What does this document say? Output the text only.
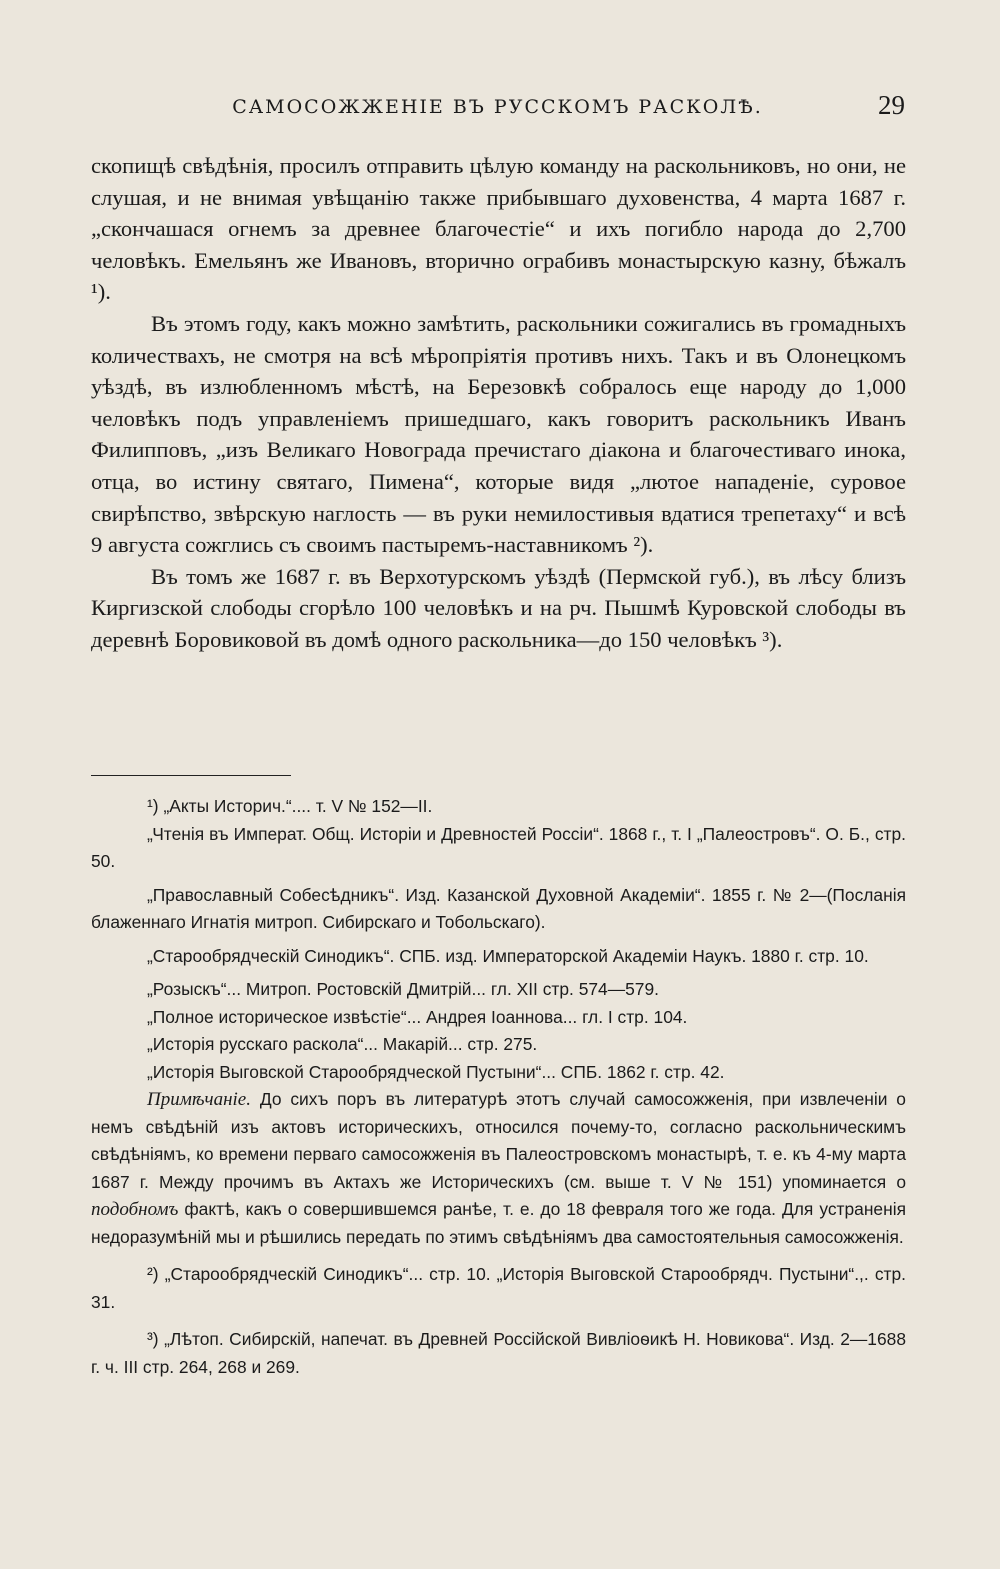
САМОСОЖЖЕНІЕ ВЪ РУССКОМЪ РАСКОЛѢ.	29

скопищѣ свѣдѣнія, просилъ отправить цѣлую команду на раскольниковъ, но они, не слушая, и не внимая увѣщанію также прибывшаго духовенства, 4 марта 1687 г. „скончашася огнемъ за древнее благочестіе“ и ихъ погибло народа до 2,700 человѣкъ. Емельянъ же Ивановъ, вторично ограбивъ монастырскую казну, бѣжалъ ¹).

Въ этомъ году, какъ можно замѣтить, раскольники сожигались въ громадныхъ количествахъ, не смотря на всѣ мѣропріятія противъ нихъ. Такъ и въ Олонецкомъ уѣздѣ, въ излюбленномъ мѣстѣ, на Березовкѣ собралось еще народу до 1,000 человѣкъ подъ управленіемъ пришедшаго, какъ говоритъ раскольникъ Иванъ Филипповъ, „изъ Великаго Новограда пречистаго діакона и благочестиваго инока, отца, во истину святаго, Пимена“, которые видя „лютое нападеніе, суровое свирѣпство, звѣрскую наглость — въ руки немилостивыя вдатися трепетаху“ и всѣ 9 августа сожглись съ своимъ пастыремъ-наставникомъ ²).

Въ томъ же 1687 г. въ Верхотурскомъ уѣздѣ (Пермской губ.), въ лѣсу близъ Киргизской слободы сгорѣло 100 человѣкъ и на рч. Пышмѣ Куровской слободы въ деревнѣ Боровиковой въ домѣ одного раскольника—до 150 человѣкъ ³).

¹) „Акты Историч.“.... т. V № 152—II.

„Чтенія въ Императ. Общ. Исторіи и Древностей Россіи“. 1868 г., т. I „Палеостровъ“. О. Б., стр. 50.

„Православный Собесѣдникъ“. Изд. Казанской Духовной Академіи“. 1855 г. № 2—(Посланія блаженнаго Игнатія митроп. Сибирскаго и Тобольскаго).

„Старообрядческій Синодикъ“. СПБ. изд. Императорской Академіи Наукъ. 1880 г. стр. 10.

„Розыскъ“... Митроп. Ростовскій Дмитрій... гл. XII стр. 574—579.

„Полное историческое извѣстіе“... Андрея Іоаннова... гл. I стр. 104.

„Исторія русскаго раскола“... Макарій... стр. 275.

„Исторія Выговской Старообрядческой Пустыни“... СПБ. 1862 г. стр. 42.

Примѣчаніе. До сихъ поръ въ литературѣ этотъ случай самосожженія, при извлеченіи о немъ свѣдѣній изъ актовъ историческихъ, относился почему-то, согласно раскольническимъ свѣдѣніямъ, ко времени перваго самосожженія въ Палеостровскомъ монастырѣ, т. е. къ 4-му марта 1687 г. Между прочимъ въ Актахъ же Историческихъ (см. выше т. V № 151) упоминается о подобномъ фактѣ, какъ о совершившемся ранѣе, т. е. до 18 февраля того же года. Для устраненія недоразумѣній мы и рѣшились передать по этимъ свѣдѣніямъ два самостоятельныя самосожженія.

²) „Старообрядческій Синодикъ“... стр. 10. „Исторія Выговской Старообрядч. Пустыни“.,. стр. 31.

³) „Лѣтоп. Сибирскій, напечат. въ Древней Россійской Вивліоѳикѣ Н. Новикова“. Изд. 2—1688 г. ч. III стр. 264, 268 и 269.
